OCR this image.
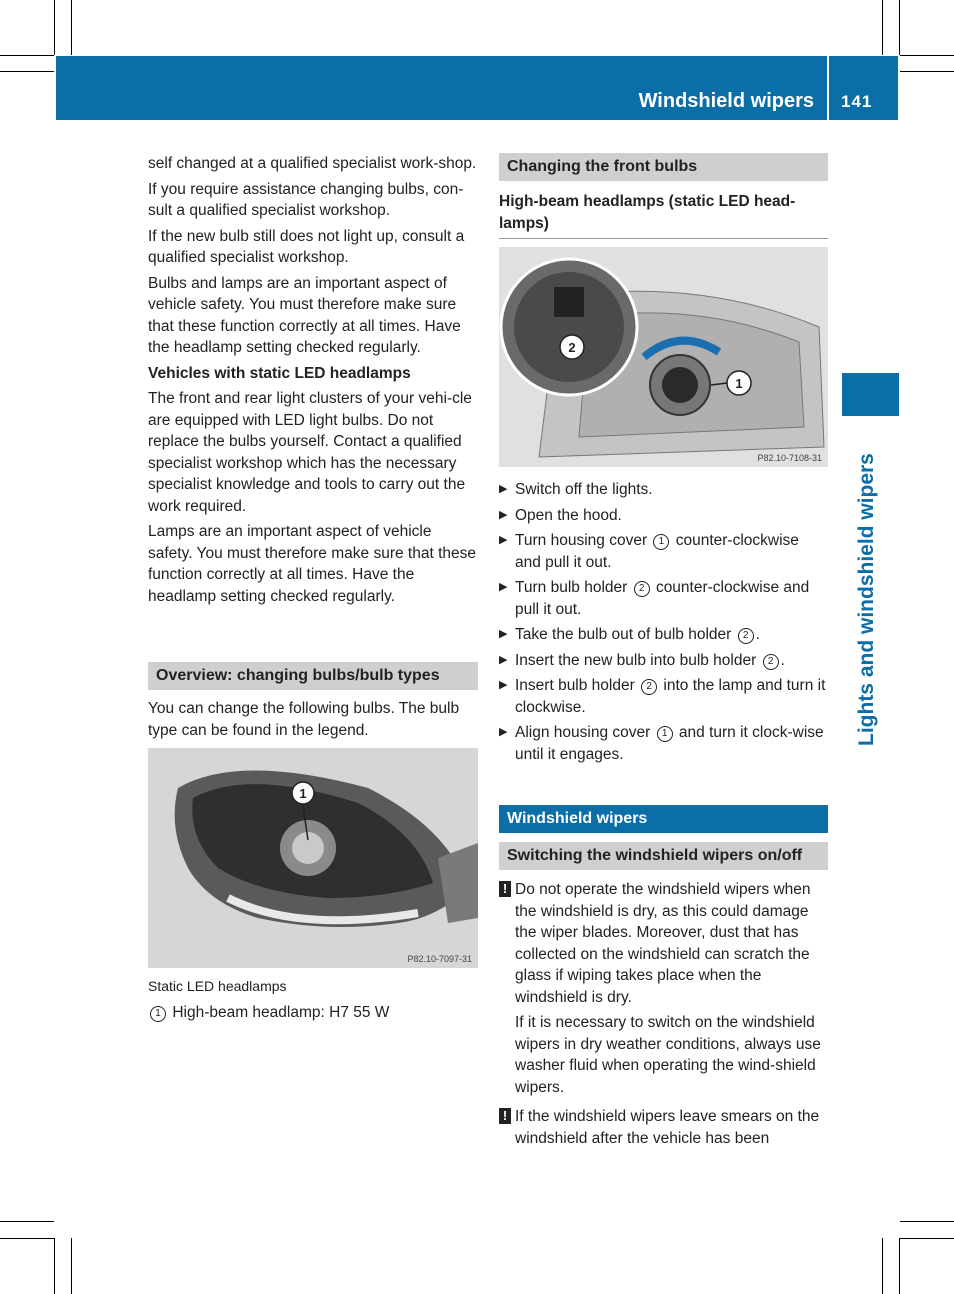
Windshield wipers 141
Lights and windshield wipers

self changed at a qualified specialist work-shop.

If you require assistance changing bulbs, con-sult a qualified specialist workshop.

If the new bulb still does not light up, consult a qualified specialist workshop.

Bulbs and lamps are an important aspect of vehicle safety. You must therefore make sure that these function correctly at all times. Have the headlamp setting checked regularly.

Vehicles with static LED headlamps

The front and rear light clusters of your vehi-cle are equipped with LED light bulbs. Do not replace the bulbs yourself. Contact a qualified specialist workshop which has the necessary specialist knowledge and tools to carry out the work required.

Lamps are an important aspect of vehicle safety. You must therefore make sure that these function correctly at all times. Have the headlamp setting checked regularly.

Overview: changing bulbs/bulb types

You can change the following bulbs. The bulb type can be found in the legend.

1
P82.10-7097-31

Static LED headlamps

1 High-beam headlamp: H7 55 W

Changing the front bulbs

High-beam headlamps (static LED head-lamps)

1
2
P82.10-7108-31
▶ Switch off the lights.
▶ Open the hood.
▶ Turn housing cover 1 counter-clockwise and pull it out.
▶ Turn bulb holder 2 counter-clockwise and pull it out.
▶ Take the bulb out of bulb holder 2 .
▶ Insert the new bulb into bulb holder 2 .
▶ Insert bulb holder 2 into the lamp and turn it clockwise.
▶ Align housing cover 1 and turn it clock-wise until it engages.
Windshield wipers
Switching the windshield wipers on/off
! Do not operate the windshield wipers when the windshield is dry, as this could damage the wiper blades. Moreover, dust that has collected on the windshield can scratch the glass if wiping takes place when the windshield is dry.

If it is necessary to switch on the windshield wipers in dry weather conditions, always use washer fluid when operating the wind-shield wipers.

! If the windshield wipers leave smears on the windshield after the vehicle has been
